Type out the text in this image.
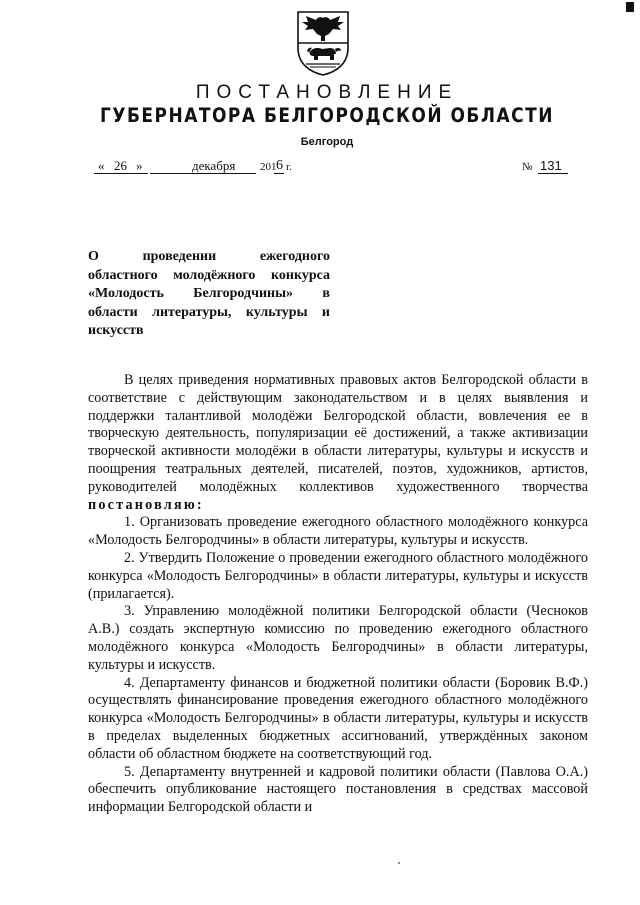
ПОСТАНОВЛЕНИЕ
ГУБЕРНАТОРА БЕЛГОРОДСКОЙ ОБЛАСТИ
Белгород
« 26 »	декабря 201 6 г.	№ 131
О проведении ежегодного
областного молодёжного конкурса
«Молодость Белгородчины» в
области литературы, культуры и
искусств

В целях приведения нормативных правовых актов Белгородской области в соответствие с действующим законодательством и в целях выявления и поддержки талантливой молодёжи Белгородской области, вовлечения ее в творческую деятельность, популяризации её достижений, а также активизации творческой активности молодёжи в области литературы, культуры и искусств и поощрения театральных деятелей, писателей, поэтов, художников, артистов, руководителей молодёжных коллективов художественного творчества постановляю:

1. Организовать проведение ежегодного областного молодёжного конкурса «Молодость Белгородчины» в области литературы, культуры и искусств.

2. Утвердить Положение о проведении ежегодного областного молодёжного конкурса «Молодость Белгородчины» в области литературы, культуры и искусств (прилагается).

3. Управлению молодёжной политики Белгородской области (Чесноков А.В.) создать экспертную комиссию по проведению ежегодного областного молодёжного конкурса «Молодость Белгородчины» в области литературы, культуры и искусств.

4. Департаменту финансов и бюджетной политики области (Боровик В.Ф.) осуществлять финансирование проведения ежегодного областного молодёжного конкурса «Молодость Белгородчины» в области литературы, культуры и искусств в пределах выделенных бюджетных ассигнований, утверждённых законом области об областном бюджете на соответствующий год.

5. Департаменту внутренней и кадровой политики области (Павлова О.А.) обеспечить опубликование настоящего постановления в средствах массовой информации Белгородской области и
